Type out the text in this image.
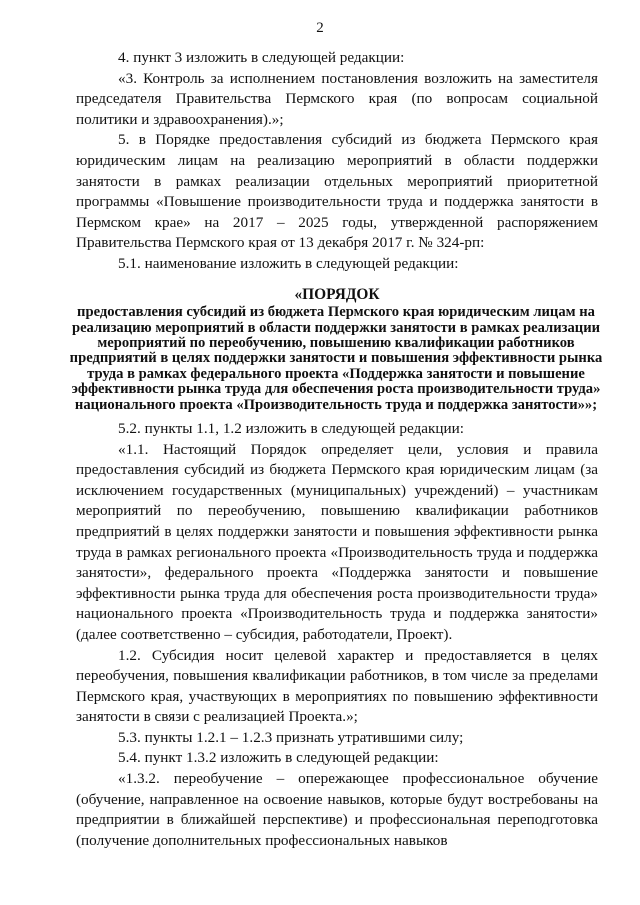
2

4. пункт 3 изложить в следующей редакции:

«3. Контроль за исполнением постановления возложить на заместителя председателя Правительства Пермского края (по вопросам социальной политики и здравоохранения).»;

5. в Порядке предоставления субсидий из бюджета Пермского края юридическим лицам на реализацию мероприятий в области поддержки занятости в рамках реализации отдельных мероприятий приоритетной программы «Повышение производительности труда и поддержка занятости в Пермском крае» на 2017 – 2025 годы, утвержденной распоряжением Правительства Пермского края от 13 декабря 2017 г. № 324-рп:

5.1. наименование изложить в следующей редакции:

«ПОРЯДОК

предоставления субсидий из бюджета Пермского края юридическим лицам на реализацию мероприятий в области поддержки занятости в рамках реализации мероприятий по переобучению, повышению квалификации работников предприятий в целях поддержки занятости и повышения эффективности рынка труда в рамках федерального проекта «Поддержка занятости и повышение эффективности рынка труда для обеспечения роста производительности труда» национального проекта «Производительность труда и поддержка занятости»»;

5.2. пункты 1.1, 1.2 изложить в следующей редакции:

«1.1. Настоящий Порядок определяет цели, условия и правила предоставления субсидий из бюджета Пермского края юридическим лицам (за исключением государственных (муниципальных) учреждений) – участникам мероприятий по переобучению, повышению квалификации работников предприятий в целях поддержки занятости и повышения эффективности рынка труда в рамках регионального проекта «Производительность труда и поддержка занятости», федерального проекта «Поддержка занятости и повышение эффективности рынка труда для обеспечения роста производительности труда» национального проекта «Производительность труда и поддержка занятости» (далее соответственно – субсидия, работодатели, Проект).

1.2. Субсидия носит целевой характер и предоставляется в целях переобучения, повышения квалификации работников, в том числе за пределами Пермского края, участвующих в мероприятиях по повышению эффективности занятости в связи с реализацией Проекта.»;

5.3. пункты 1.2.1 – 1.2.3 признать утратившими силу;

5.4. пункт 1.3.2 изложить в следующей редакции:

«1.3.2. переобучение – опережающее профессиональное обучение (обучение, направленное на освоение навыков, которые будут востребованы на предприятии в ближайшей перспективе) и профессиональная переподготовка (получение дополнительных профессиональных навыков
